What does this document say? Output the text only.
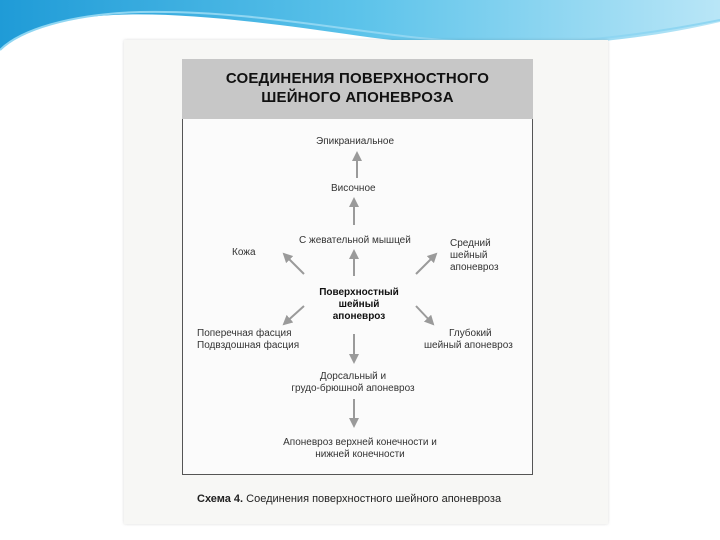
СОЕДИНЕНИЯ ПОВЕРХНОСТНОГО
ШЕЙНОГО АПОНЕВРОЗА
Эпикраниальное
Височное
С жевательной мышцей
Кожа
Средний
шейный
апоневроз
Поверхностный
шейный
апоневроз
Поперечная фасция
Подвздошная фасция
Глубокий
шейный апоневроз
Дорсальный и
грудо-брюшной апоневроз
Апоневроз верхней конечности и
нижней конечности
Схема 4. Соединения поверхностного шейного апоневроза
